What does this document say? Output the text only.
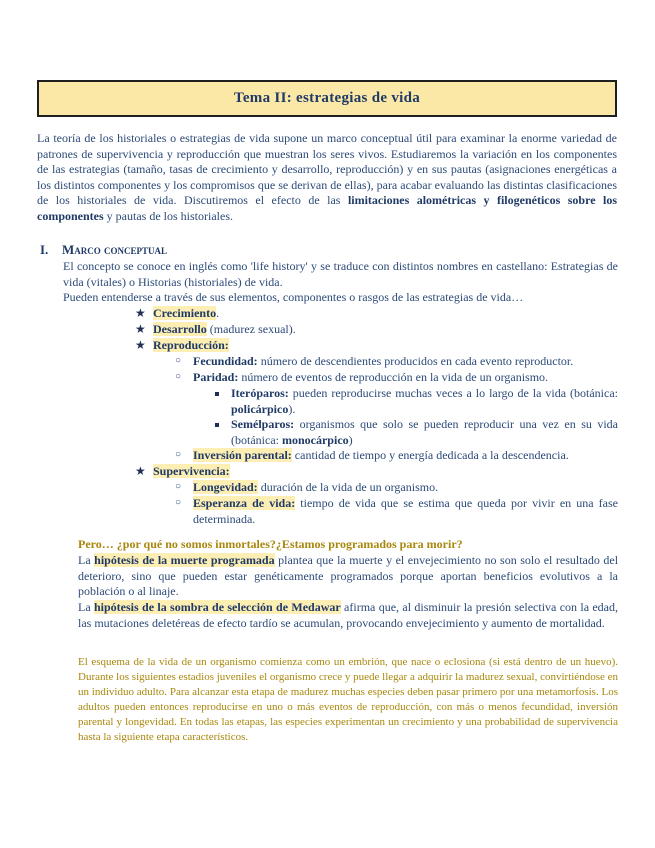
Tema II: estrategias de vida
La teoría de los historiales o estrategias de vida supone un marco conceptual útil para examinar la enorme variedad de patrones de supervivencia y reproducción que muestran los seres vivos. Estudiaremos la variación en los componentes de las estrategias (tamaño, tasas de crecimiento y desarrollo, reproducción) y en sus pautas (asignaciones energéticas a los distintos componentes y los compromisos que se derivan de ellas), para acabar evaluando las distintas clasificaciones de los historiales de vida. Discutiremos el efecto de las limitaciones alométricas y filogenéticos sobre los componentes y pautas de los historiales.
I. Marco conceptual
El concepto se conoce en inglés como 'life history' y se traduce con distintos nombres en castellano: Estrategias de vida (vitales) o Historias (historiales) de vida.
Pueden entenderse a través de sus elementos, componentes o rasgos de las estrategias de vida…
★ Crecimiento.
★ Desarrollo (madurez sexual).
★ Reproducción:
○ Fecundidad: número de descendientes producidos en cada evento reproductor.
○ Paridad: número de eventos de reproducción en la vida de un organismo.
Iteróparos: pueden reproducirse muchas veces a lo largo de la vida (botánica: policárpico).
Semélparos: organismos que solo se pueden reproducir una vez en su vida (botánica: monocárpico)
○ Inversión parental: cantidad de tiempo y energía dedicada a la descendencia.
★ Supervivencia:
○ Longevidad: duración de la vida de un organismo.
○ Esperanza de vida: tiempo de vida que se estima que queda por vivir en una fase determinada.
Pero… ¿por qué no somos inmortales?¿Estamos programados para morir?
La hipótesis de la muerte programada plantea que la muerte y el envejecimiento no son solo el resultado del deterioro, sino que pueden estar genéticamente programados porque aportan beneficios evolutivos a la población o al linaje.
La hipótesis de la sombra de selección de Medawar afirma que, al disminuir la presión selectiva con la edad, las mutaciones deletéreas de efecto tardío se acumulan, provocando envejecimiento y aumento de mortalidad.
El esquema de la vida de un organismo comienza como un embrión, que nace o eclosiona (si está dentro de un huevo). Durante los siguientes estadios juveniles el organismo crece y puede llegar a adquirir la madurez sexual, convirtiéndose en un individuo adulto. Para alcanzar esta etapa de madurez muchas especies deben pasar primero por una metamorfosis. Los adultos pueden entonces reproducirse en uno o más eventos de reproducción, con más o menos fecundidad, inversión parental y longevidad. En todas las etapas, las especies experimentan un crecimiento y una probabilidad de supervivencia hasta la siguiente etapa característicos.
